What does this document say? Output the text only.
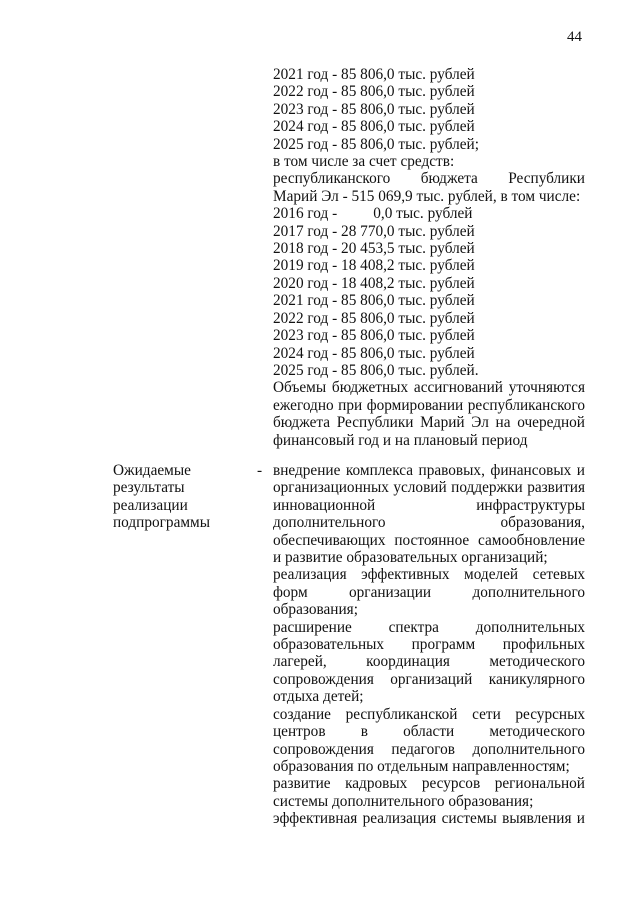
44
2021 год - 85 806,0 тыс. рублей
2022 год - 85 806,0 тыс. рублей
2023 год - 85 806,0 тыс. рублей
2024 год - 85 806,0 тыс. рублей
2025 год - 85 806,0 тыс. рублей;
в том числе за счет средств:
республиканского бюджета Республики
Марий Эл - 515 069,9 тыс. рублей, в том числе:
2016 год - 0,0 тыс. рублей
2017 год - 28 770,0 тыс. рублей
2018 год - 20 453,5 тыс. рублей
2019 год - 18 408,2 тыс. рублей
2020 год - 18 408,2 тыс. рублей
2021 год - 85 806,0 тыс. рублей
2022 год - 85 806,0 тыс. рублей
2023 год - 85 806,0 тыс. рублей
2024 год - 85 806,0 тыс. рублей
2025 год - 85 806,0 тыс. рублей.
Объемы бюджетных ассигнований уточняются ежегодно при формировании республиканского бюджета Республики Марий Эл на очередной финансовый год и на плановый период
Ожидаемые
результаты
реализации
подпрограммы
- внедрение комплекса правовых, финансовых и организационных условий поддержки развития инновационной инфраструктуры дополнительного образования, обеспечивающих постоянное самообновление и развитие образовательных организаций;
реализация эффективных моделей сетевых форм организации дополнительного образования;
расширение спектра дополнительных образовательных программ профильных лагерей, координация методического сопровождения организаций каникулярного отдыха детей;
создание республиканской сети ресурсных центров в области методического сопровождения педагогов дополнительного образования по отдельным направленностям;
развитие кадровых ресурсов региональной системы дополнительного образования;
эффективная реализация системы выявления и
